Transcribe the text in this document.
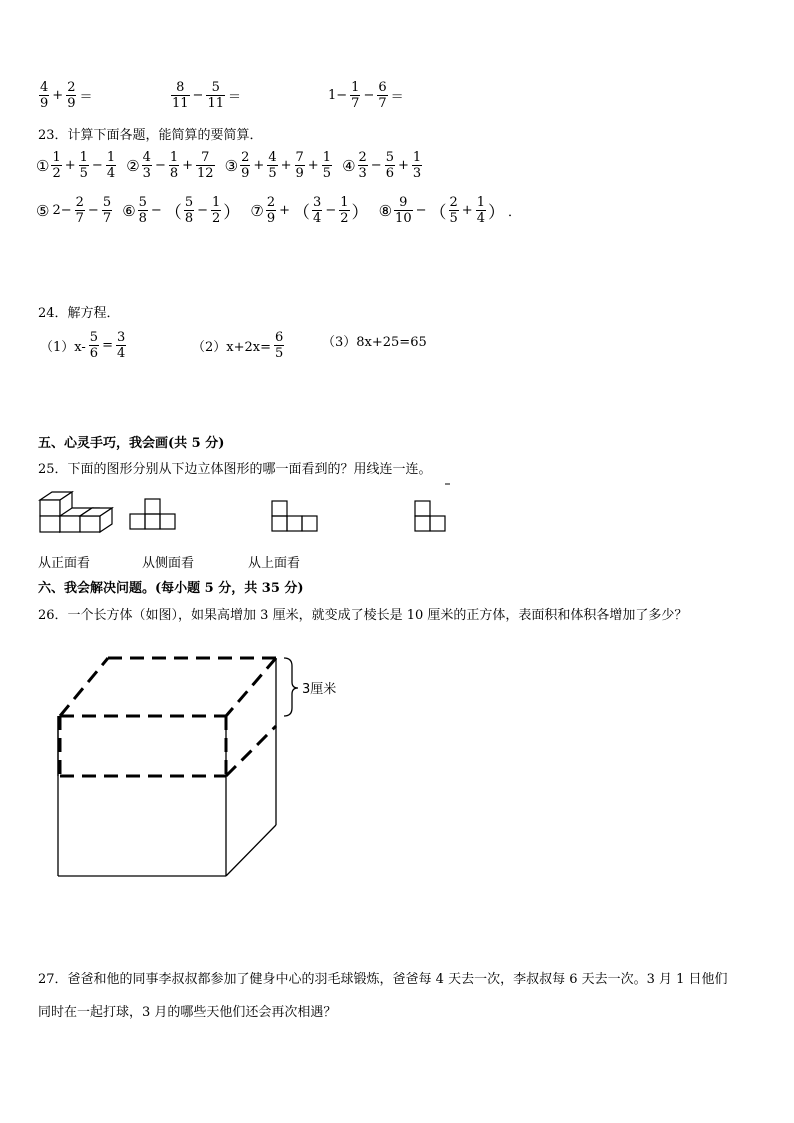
$\frac{4}{9} + \frac{2}{9}$ ＝	$\frac{8}{11} - \frac{5}{11}$ ＝	$1- \frac{1}{7} - \frac{6}{7}$ ＝
23．计算下面各题，能简算的要简算．
① $\frac{1}{2} + \frac{1}{5} - \frac{1}{4}$ ② $\frac{4}{3} - \frac{1}{8} + \frac{7}{12}$ ③ $\frac{2}{9} + \frac{4}{5} + \frac{7}{9} + \frac{1}{5}$ ④ $\frac{2}{3} - \frac{5}{6} + \frac{1}{3}$
⑤ $2- \frac{2}{7} - \frac{5}{7}$ ⑥ $\frac{5}{8}$ − （ $\frac{5}{8} - \frac{1}{2}$ ） ⑦ $\frac{2}{9}$ + （ $\frac{3}{4} - \frac{1}{2}$ ） ⑧ $\frac{9}{10}$ − （ $\frac{2}{5} + \frac{1}{4}$ ） ．
24．解方程．
$(1)x- \frac{5}{6} = \frac{3}{4}$	$(2)x+2x= \frac{6}{5}$	（3）8x+25=65
五、心灵手巧，我会画(共 5 分)
25．下面的图形分别从下边立体图形的哪一面看到的？用线连一连。
从正面看	从侧面看	从上面看
六、我会解决问题。(每小题 5 分，共 35 分)
26．一个长方体（如图），如果高增加 3 厘米，就变成了棱长是 10 厘米的正方体，表面积和体积各增加了多少？
3厘米
27．爸爸和他的同事李叔叔都参加了健身中心的羽毛球锻炼，爸爸每 4 天去一次，李叔叔每 6 天去一次。3 月 1 日他们
同时在一起打球，3 月的哪些天他们还会再次相遇？
